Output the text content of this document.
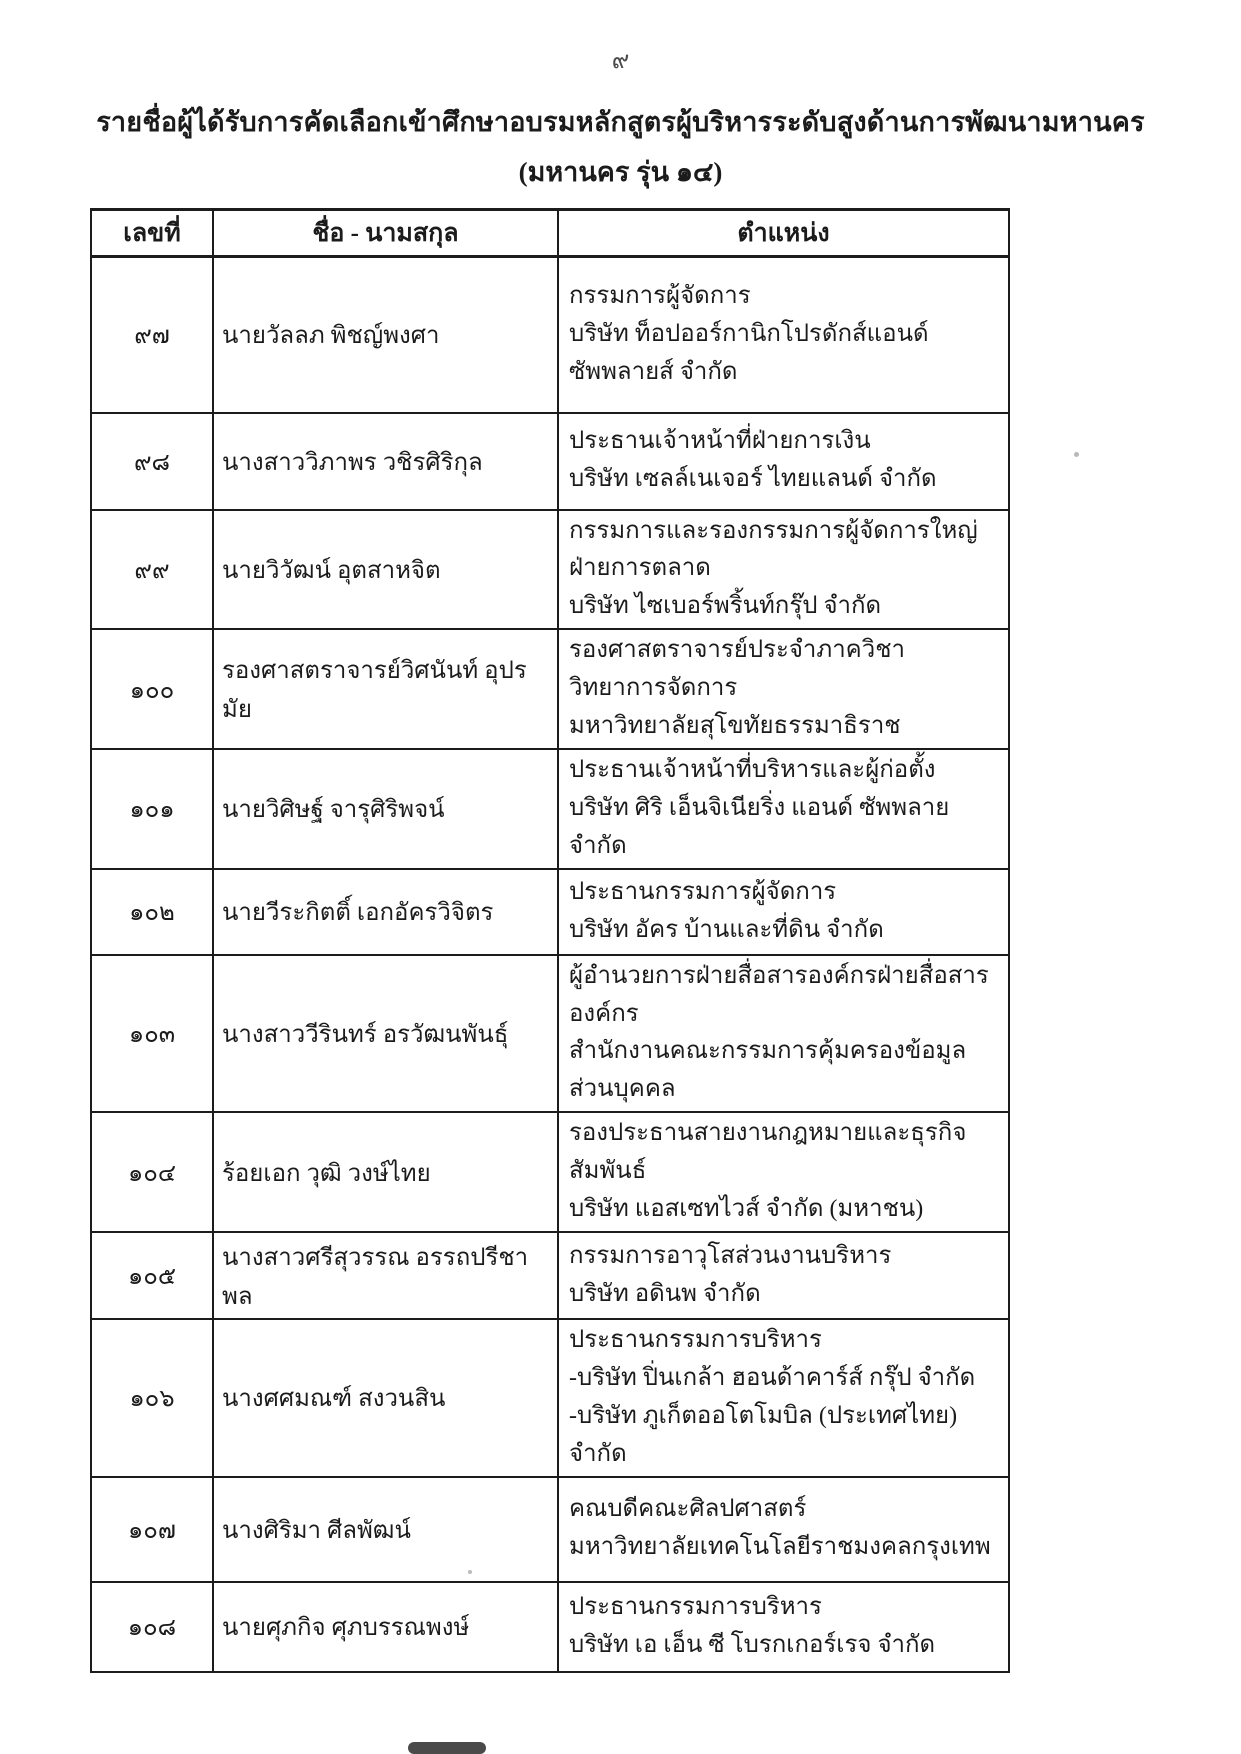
๙
รายชื่อผู้ได้รับการคัดเลือกเข้าศึกษาอบรมหลักสูตรผู้บริหารระดับสูงด้านการพัฒนามหานคร
(มหานคร รุ่น ๑๔)
เลขที่	ชื่อ - นามสกุล	ตำแหน่ง
๙๗	นายวัลลภ พิชญ์พงศา	กรรมการผู้จัดการ
บริษัท ท็อปออร์กานิกโปรดักส์แอนด์ซัพพลายส์ จำกัด

๙๘	นางสาววิภาพร วชิรศิริกุล	ประธานเจ้าหน้าที่ฝ่ายการเงิน
บริษัท เซลล์เนเจอร์ ไทยแลนด์ จำกัด

๙๙	นายวิวัฒน์ อุตสาหจิต	กรรมการและรองกรรมการผู้จัดการใหญ่ ฝ่ายการตลาด
บริษัท ไซเบอร์พริ้นท์กรุ๊ป จำกัด

๑๐๐	รองศาสตราจารย์วิศนันท์ อุปรมัย	รองศาสตราจารย์ประจำภาควิชาวิทยาการจัดการ
มหาวิทยาลัยสุโขทัยธรรมาธิราช

๑๐๑	นายวิศิษฐ์ จารุศิริพจน์	ประธานเจ้าหน้าที่บริหารและผู้ก่อตั้ง
บริษัท ศิริ เอ็นจิเนียริ่ง แอนด์ ซัพพลาย จำกัด

๑๐๒	นายวีระกิตติ์ เอกอัครวิจิตร	ประธานกรรมการผู้จัดการ
บริษัท อัคร บ้านและที่ดิน จำกัด

๑๐๓	นางสาววีรินทร์ อรวัฒนพันธุ์	ผู้อำนวยการฝ่ายสื่อสารองค์กรฝ่ายสื่อสารองค์กร
สำนักงานคณะกรรมการคุ้มครองข้อมูลส่วนบุคคล

๑๐๔	ร้อยเอก วุฒิ วงษ์ไทย	รองประธานสายงานกฎหมายและธุรกิจสัมพันธ์
บริษัท แอสเซทไวส์ จำกัด (มหาชน)

๑๐๕	นางสาวศรีสุวรรณ อรรถปรีชาพล	กรรมการอาวุโสส่วนงานบริหาร
บริษัท อดินพ จำกัด

๑๐๖	นางศศมณฑ์ สงวนสิน	ประธานกรรมการบริหาร
-บริษัท ปิ่นเกล้า ฮอนด้าคาร์ส์ กรุ๊ป จำกัด
-บริษัท ภูเก็ตออโตโมบิล (ประเทศไทย) จำกัด

๑๐๗	นางศิริมา ศีลพัฒน์	คณบดีคณะศิลปศาสตร์
มหาวิทยาลัยเทคโนโลยีราชมงคลกรุงเทพ

๑๐๘	นายศุภกิจ ศุภบรรณพงษ์	ประธานกรรมการบริหาร
บริษัท เอ เอ็น ซี โบรกเกอร์เรจ จำกัด
